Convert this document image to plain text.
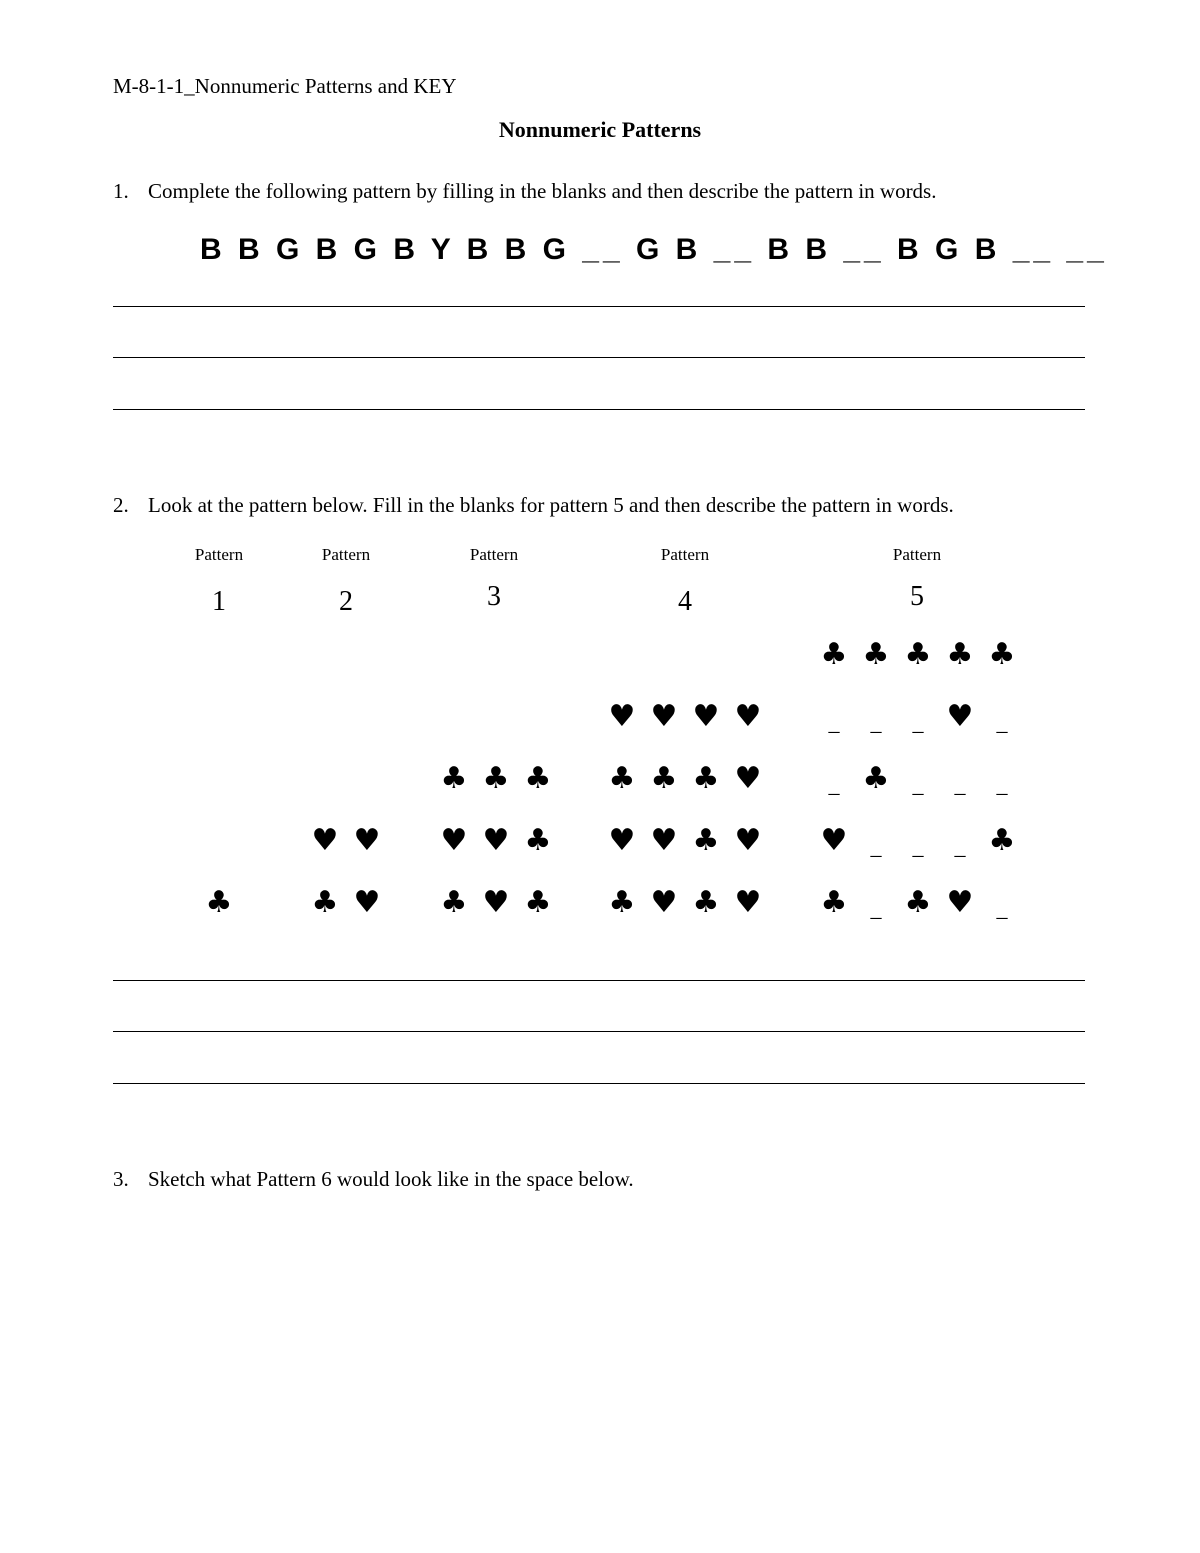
M-8-1-1_Nonnumeric Patterns and KEY
Nonnumeric Patterns
1. Complete the following pattern by filling in the blanks and then describe the pattern in words.
B B G B G B Y B B G __ G B __ B B __ B G B __ __
2. Look at the pattern below. Fill in the blanks for pattern 5 and then describe the pattern in words.
Pattern
1
♣
Pattern
2
♥ ♥
♣ ♥
Pattern
3
♣ ♣ ♣
♥ ♥ ♣
♣ ♥ ♣
Pattern
4
♥ ♥ ♥ ♥
♣ ♣ ♣ ♥
♥ ♥ ♣ ♥
♣ ♥ ♣ ♥
Pattern
5
♣ ♣ ♣ ♣ ♣
_	_	_ ♥	_
_ ♣	_	_	_
♥	_	_	_ ♣
♣	_ ♣ ♥	_
3. Sketch what Pattern 6 would look like in the space below.
